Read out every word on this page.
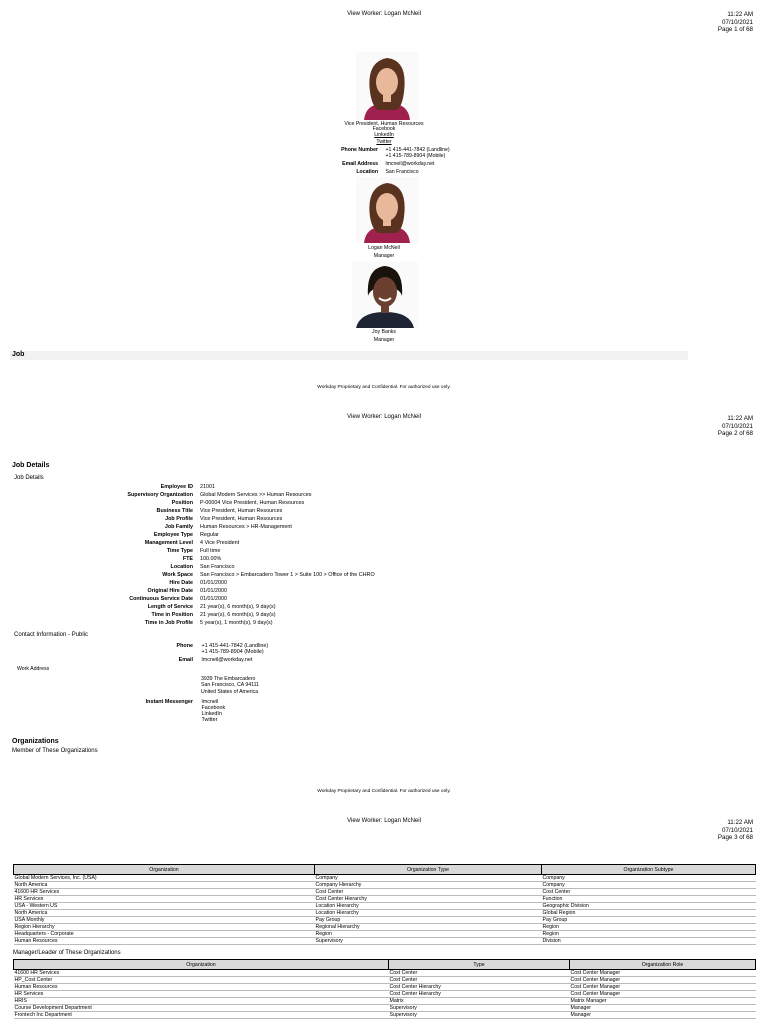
View Worker: Logan McNeil	11:22 AM
07/10/2021
Page 1 of 68
Vice President, Human Resources
Facebook
LinkedIn
Twitter
Phone Number +1 415-441-7842 (Landline)
+1 415-789-8904 (Mobile)
Email Address lmcneil@workday.net
Location San Francisco
Logan McNeil
Manager
Joy Banks
Manager
Job
Workday Proprietary and Confidential. For authorized use only.
View Worker: Logan McNeil	11:22 AM
07/10/2021
Page 2 of 68
Job Details
Job Details
Employee ID 21001
Supervisory Organization Global Modern Services >> Human Resources
Position P-00004 Vice President, Human Resources
Business Title Vice President, Human Resources
Job Profile Vice President, Human Resources
Job Family Human Resources > HR-Management
Employee Type Regular
Management Level 4 Vice President
Time Type Full time
FTE 100.00%
Location San Francisco
Work Space San Francisco > Embarcadero Tower 1 > Suite 100 > Office of the CHRO
Hire Date 01/01/2000
Original Hire Date 01/01/2000
Continuous Service Date 01/01/2000
Length of Service 21 year(s), 6 month(s), 9 day(s)
Time in Position 21 year(s), 6 month(s), 9 day(s)
Time in Job Profile 5 year(s), 1 month(s), 9 day(s)
Contact Information - Public
Phone +1 415-441-7842 (Landline)
+1 415-789-8904 (Mobile)
Email lmcneil@workday.net
Work Address
3939 The Embarcadero
San Francisco, CA 94111
United States of America
Instant Messenger lmcneil
Facebook
LinkedIn
Twitter
Organizations
Member of These Organizations
Workday Proprietary and Confidential. For authorized use only.
View Worker: Logan McNeil	11:22 AM
07/10/2021
Page 3 of 68
Organization	Organization Type	Organization Subtype
Global Modern Services, Inc. (USA)	Company	Company
North America	Company Hierarchy	Company
41600 HR Services	Cost Center	Cost Center
HR Services	Cost Center Hierarchy	Function
USA - Western US	Location Hierarchy	Geographic Division
North America	Location Hierarchy	Global Region
USA Monthly	Pay Group	Pay Group
Region Hierarchy	Regional Hierarchy	Region
Headquarters - Corporate	Region	Region
Human Resources	Supervisory	Division
Manager/Leader of These Organizations
Organization	Type	Organization Role
41600 HR Services	Cost Center	Cost Center Manager
HP_Cost Center	Cost Center	Cost Center Manager
Human Resources	Cost Center Hierarchy	Cost Center Manager
HR Services	Cost Center Hierarchy	Cost Center Manager
HRIS	Matrix	Matrix Manager
Course Development Department	Supervisory	Manager
Frontech Inc Department	Supervisory	Manager
